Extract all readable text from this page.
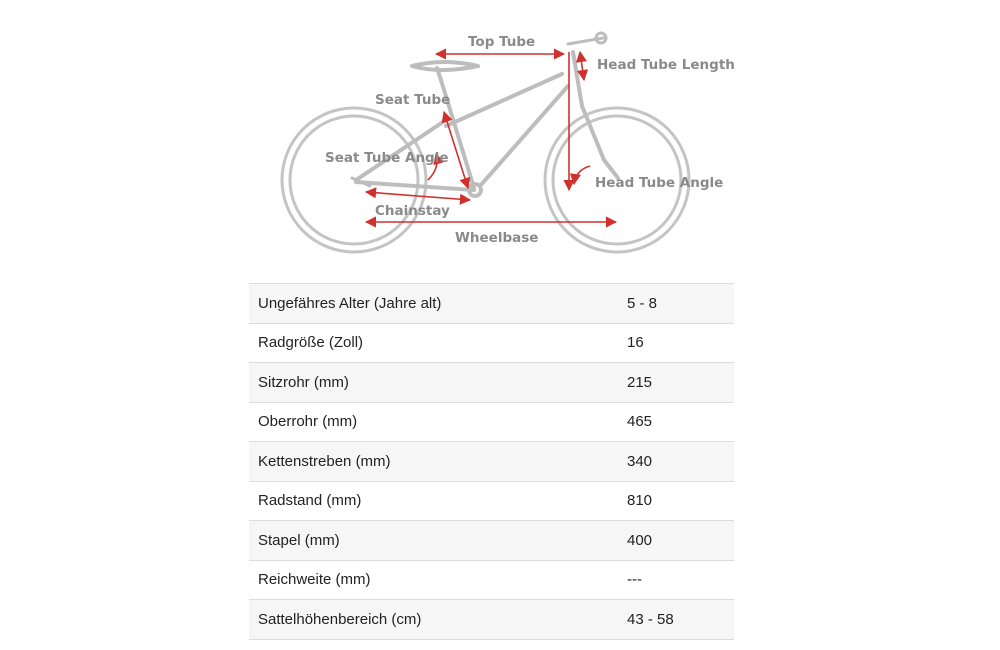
Top Tube
Head Tube Length
Seat Tube
Seat Tube Angle
Head Tube Angle
Chainstay
Wheelbase
Ungefähres Alter (Jahre alt)	5 - 8
Radgröße (Zoll)	16
Sitzrohr (mm)	215
Oberrohr (mm)	465
Kettenstreben (mm)	340
Radstand (mm)	810
Stapel (mm)	400
Reichweite (mm)	---
Sattelhöhenbereich (cm)	43 - 58
